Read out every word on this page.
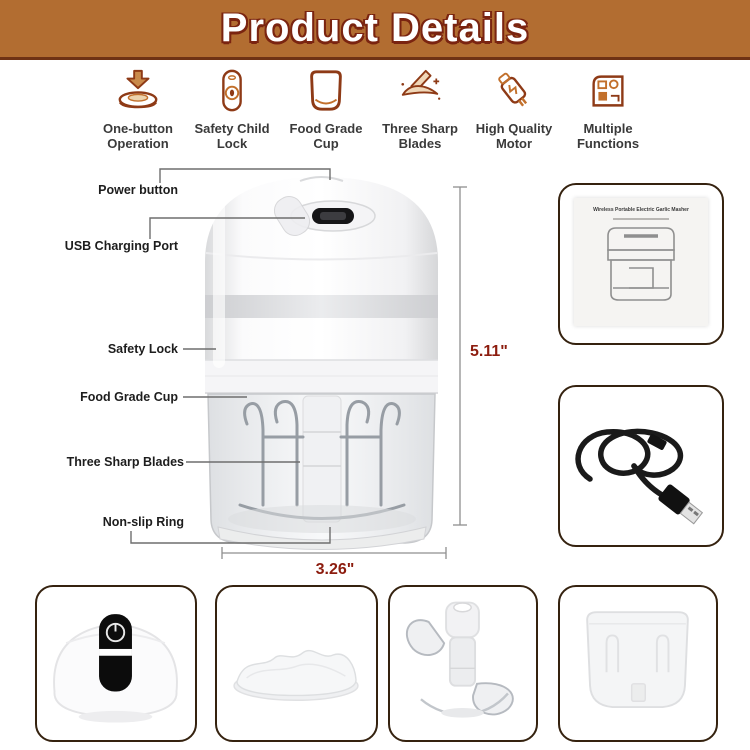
Product Details
One-button
Operation
Safety Child
Lock
Food Grade
Cup
Three Sharp
Blades
High Quality
Motor
Multiple
Functions
Power button
USB Charging Port
Safety Lock
Food Grade Cup
Three Sharp Blades
Non-slip Ring
5.11"
3.26"
Wireless Portable Electric Garlic Masher
